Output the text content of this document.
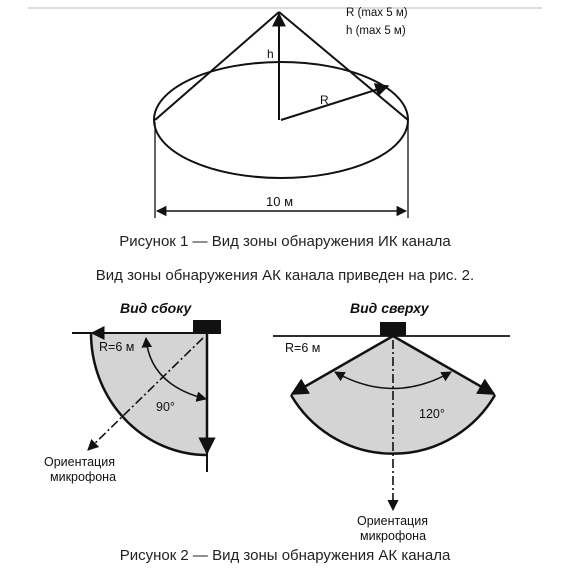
R (max 5 м)
h (max 5 м)
h
R
10 м
Вид сбоку
R=6 м
90°
Ориентация
микрофона
Вид сверху
R=6 м
120°
Ориентация
микрофона
Рисунок 1 — Вид зоны обнаружения ИК канала
Вид зоны обнаружения АК канала приведен на рис. 2.
Рисунок 2 — Вид зоны обнаружения АК канала
